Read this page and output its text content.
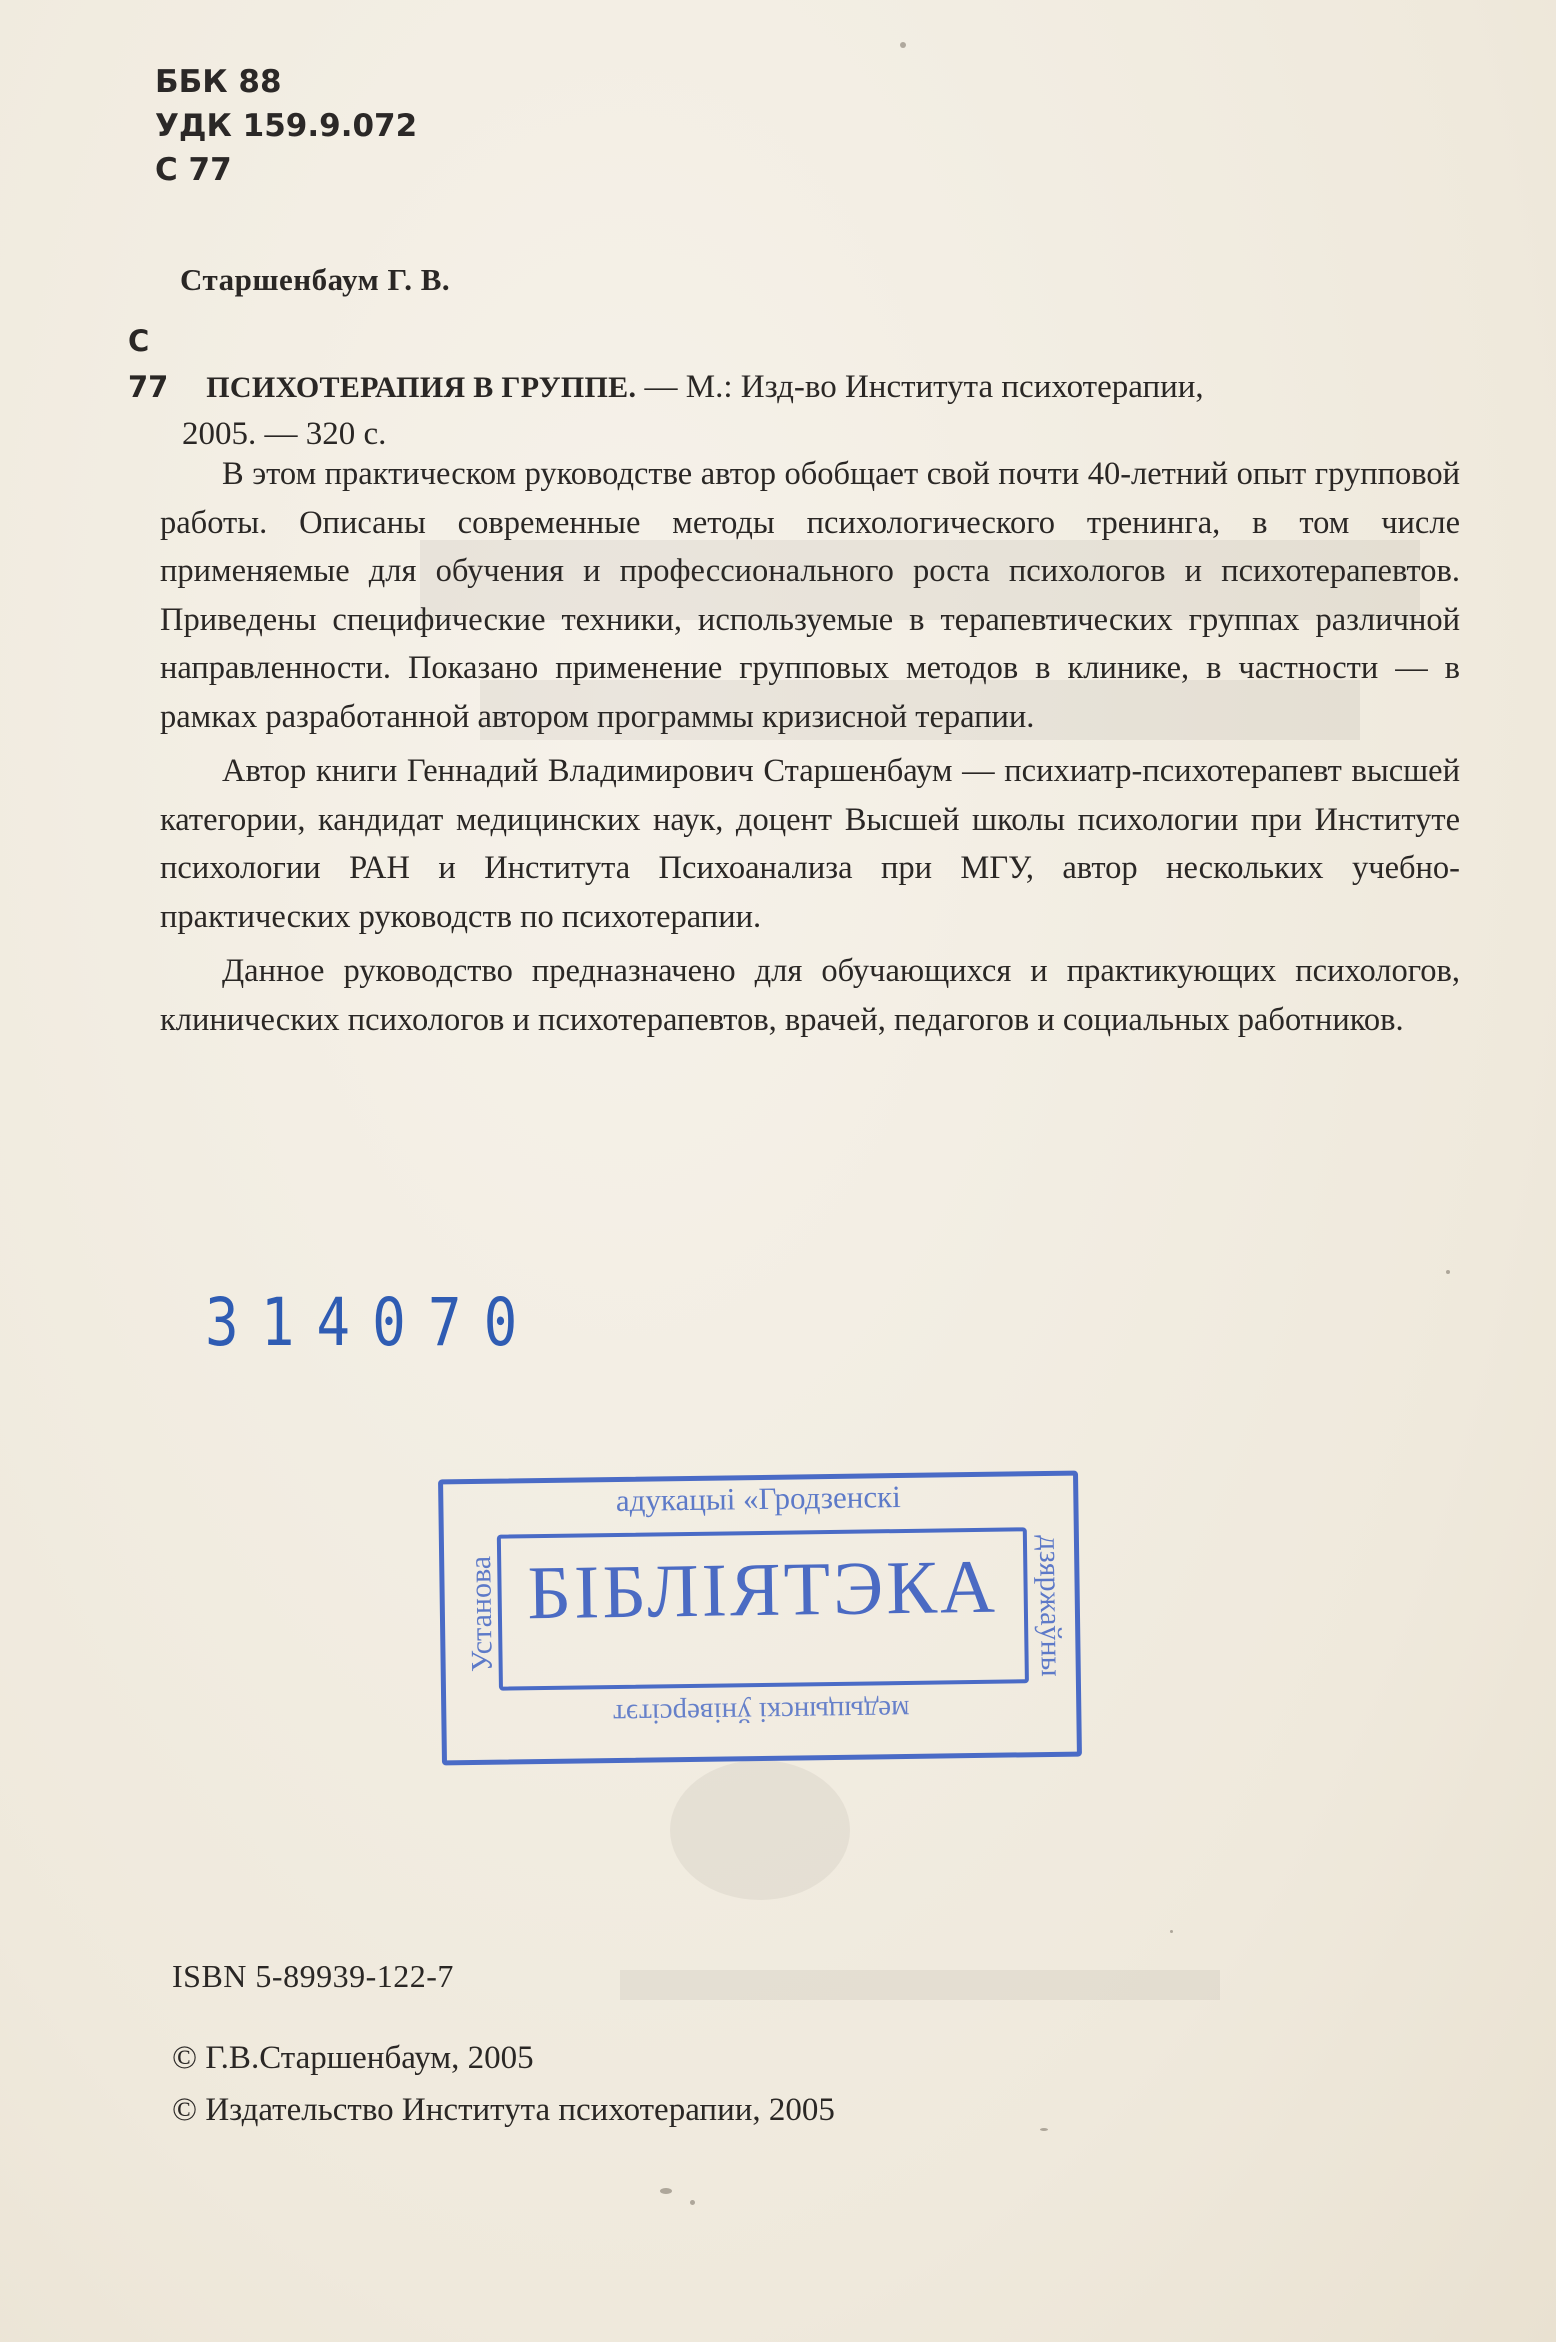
ББК 88
УДК 159.9.072
С 77
Старшенбаум Г. В.
С 77 ПСИХОТЕРАПИЯ В ГРУППЕ. — М.: Изд-во Института психотерапии,
2005. — 320 с.

В этом практическом руководстве автор обобщает свой почти 40-летний опыт групповой работы. Описаны современные методы психологического тренинга, в том числе применяемые для обучения и профессионального роста психологов и психотерапевтов. Приведены специфические техники, используемые в терапевтических группах различной направленности. Показано применение групповых методов в клинике, в частности — в рамках разработанной автором программы кризисной терапии.

Автор книги Геннадий Владимирович Старшенбаум — психиатр-психотерапевт высшей категории, кандидат медицинских наук, доцент Высшей школы психологии при Институте психологии РАН и Института Психоанализа при МГУ, автор нескольких учебно-практических руководств по психотерапии.

Данное руководство предназначено для обучающихся и практикующих психологов, клинических психологов и психотерапевтов, врачей, педагогов и социальных работников.

314070
адукацыі «Гродзенскі
БІБЛІЯТЭКА
медыцынскі ўніверсітэт
Установа	дзяржаўны
ISBN 5-89939-122-7
© Г.В.Старшенбаум, 2005
© Издательство Института психотерапии, 2005
